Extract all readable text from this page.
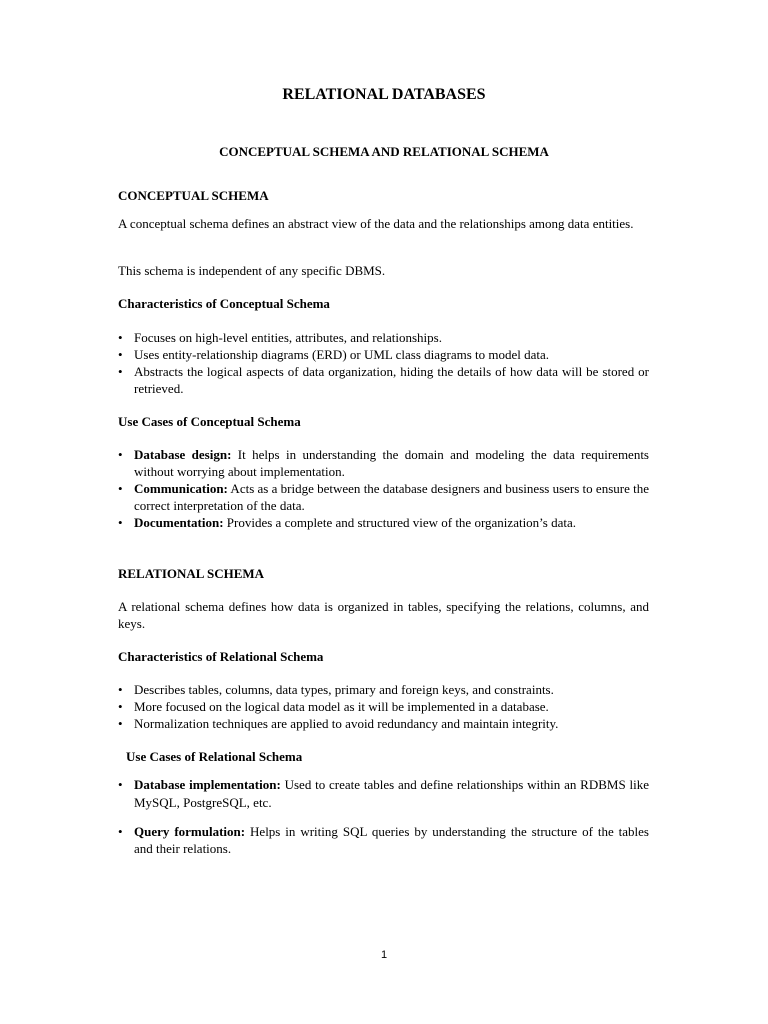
RELATIONAL DATABASES
CONCEPTUAL SCHEMA AND RELATIONAL SCHEMA
CONCEPTUAL SCHEMA
A conceptual schema defines an abstract view of the data and the relationships among data entities.
This schema is independent of any specific DBMS.
Characteristics of Conceptual Schema
• Focuses on high-level entities, attributes, and relationships.
• Uses entity-relationship diagrams (ERD) or UML class diagrams to model data.
• Abstracts the logical aspects of data organization, hiding the details of how data will be stored or retrieved.
Use Cases of Conceptual Schema
• Database design: It helps in understanding the domain and modeling the data requirements without worrying about implementation.
• Communication: Acts as a bridge between the database designers and business users to ensure the correct interpretation of the data.
• Documentation: Provides a complete and structured view of the organization’s data.
RELATIONAL SCHEMA
A relational schema defines how data is organized in tables, specifying the relations, columns, and keys.
Characteristics of Relational Schema
• Describes tables, columns, data types, primary and foreign keys, and constraints.
• More focused on the logical data model as it will be implemented in a database.
• Normalization techniques are applied to avoid redundancy and maintain integrity.
Use Cases of Relational Schema
• Database implementation: Used to create tables and define relationships within an RDBMS like MySQL, PostgreSQL, etc.
• Query formulation: Helps in writing SQL queries by understanding the structure of the tables and their relations.
1
